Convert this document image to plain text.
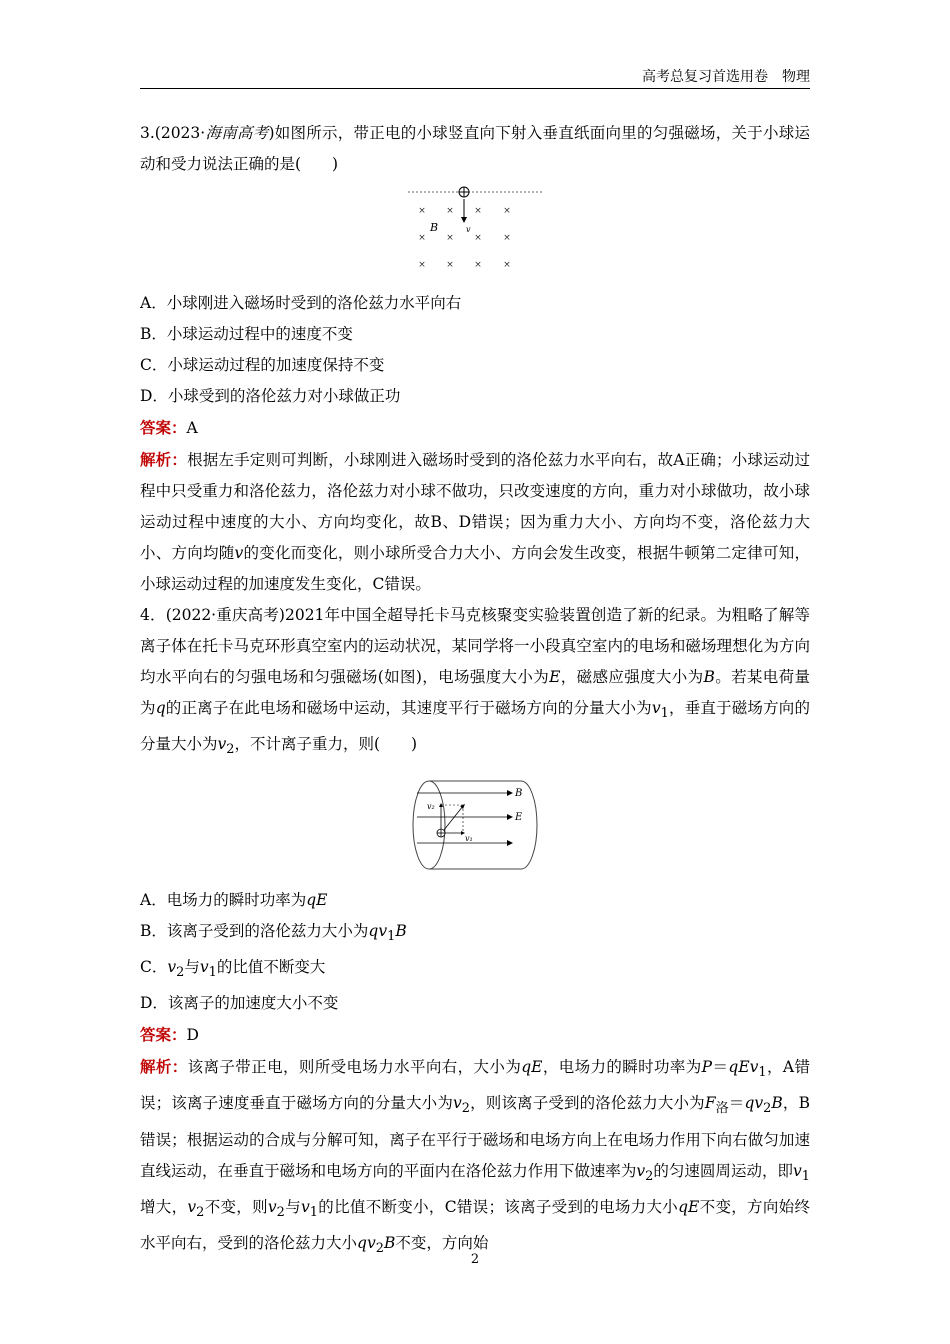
高考总复习首选用卷　物理

3.(2023·海南高考)如图所示，带正电的小球竖直向下射入垂直纸面向里的匀强磁场，关于小球运动和受力说法正确的是(　　)

× × × ×
× × × ×
× × × ×
B	v

A．小球刚进入磁场时受到的洛伦兹力水平向右

B．小球运动过程中的速度不变

C．小球运动过程的加速度保持不变

D．小球受到的洛伦兹力对小球做正功

答案：A

解析：根据左手定则可判断，小球刚进入磁场时受到的洛伦兹力水平向右，故A正确；小球运动过程中只受重力和洛伦兹力，洛伦兹力对小球不做功，只改变速度的方向，重力对小球做功，故小球运动过程中速度的大小、方向均变化，故B、D错误；因为重力大小、方向均不变，洛伦兹力大小、方向均随v的变化而变化，则小球所受合力大小、方向会发生改变，根据牛顿第二定律可知，小球运动过程的加速度发生变化，C错误。

4．(2022·重庆高考)2021年中国全超导托卡马克核聚变实验装置创造了新的纪录。为粗略了解等离子体在托卡马克环形真空室内的运动状况，某同学将一小段真空室内的电场和磁场理想化为方向均水平向右的匀强电场和匀强磁场(如图)，电场强度大小为E，磁感应强度大小为B。若某电荷量为q的正离子在此电场和磁场中运动，其速度平行于磁场方向的分量大小为$v_1$，垂直于磁场方向的分量大小为$v_2$，不计离子重力，则(　　)

B
E
v₂
v₁

A．电场力的瞬时功率为qE

B．该离子受到的洛伦兹力大小为$qv_1B$

C．$v_2$与$v_1$的比值不断变大

D．该离子的加速度大小不变

答案：D

解析：该离子带正电，则所受电场力水平向右，大小为qE，电场力的瞬时功率为P＝qEv$_1$，A错误；该离子速度垂直于磁场方向的分量大小为$v_2$，则该离子受到的洛伦兹力大小为$F_洛=qv_2B$，B错误；根据运动的合成与分解可知，离子在平行于磁场和电场方向上在电场力作用下向右做匀加速直线运动，在垂直于磁场和电场方向的平面内在洛伦兹力作用下做速率为$v_2$的匀速圆周运动，即$v_1$增大，$v_2$不变，则$v_2$与$v_1$的比值不断变小，C错误；该离子受到的电场力大小qE不变，方向始终水平向右，受到的洛伦兹力大小$qv_2B$不变，方向始

2
